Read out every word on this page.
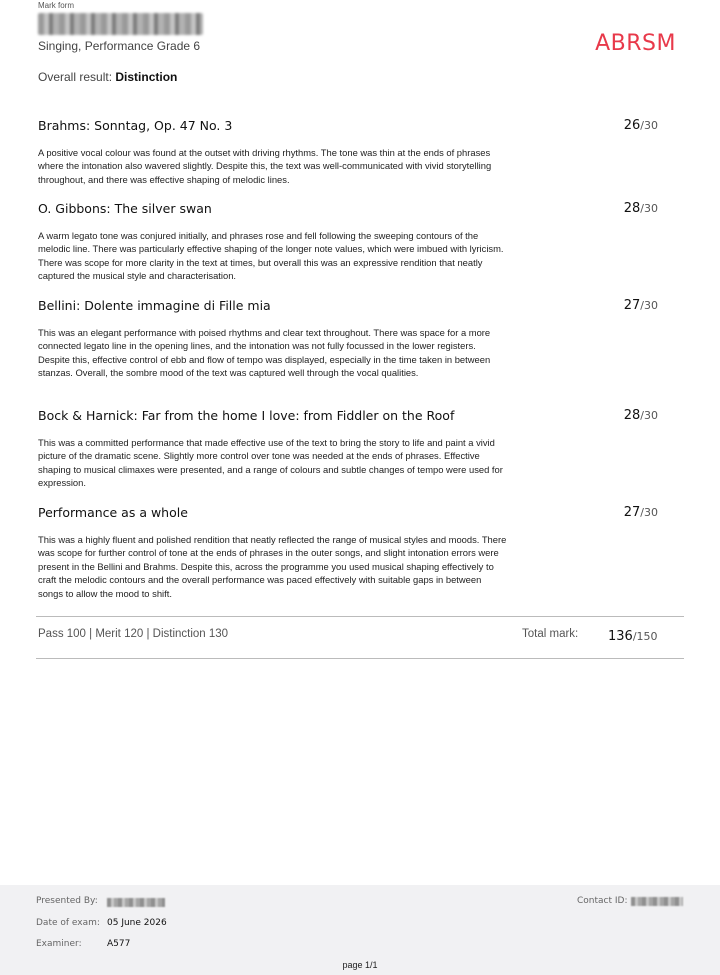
Mark form
Singing, Performance Grade 6	ABRSM
Overall result: Distinction
Brahms: Sonntag, Op. 47 No. 3	26/30
A positive vocal colour was found at the outset with driving rhythms. The tone was thin at the ends of phrases where the intonation also wavered slightly. Despite this, the text was well-communicated with vivid storytelling throughout, and there was effective shaping of melodic lines.
O. Gibbons: The silver swan	28/30
A warm legato tone was conjured initially, and phrases rose and fell following the sweeping contours of the melodic line. There was particularly effective shaping of the longer note values, which were imbued with lyricism. There was scope for more clarity in the text at times, but overall this was an expressive rendition that neatly captured the musical style and characterisation.
Bellini: Dolente immagine di Fille mia	27/30
This was an elegant performance with poised rhythms and clear text throughout. There was space for a more connected legato line in the opening lines, and the intonation was not fully focussed in the lower registers. Despite this, effective control of ebb and flow of tempo was displayed, especially in the time taken in between stanzas. Overall, the sombre mood of the text was captured well through the vocal qualities.
Bock & Harnick: Far from the home I love: from Fiddler on the Roof	28/30
This was a committed performance that made effective use of the text to bring the story to life and paint a vivid picture of the dramatic scene. Slightly more control over tone was needed at the ends of phrases. Effective shaping to musical climaxes were presented, and a range of colours and subtle changes of tempo were used for expression.
Performance as a whole	27/30
This was a highly fluent and polished rendition that neatly reflected the range of musical styles and moods. There was scope for further control of tone at the ends of phrases in the outer songs, and slight intonation errors were present in the Bellini and Brahms. Despite this, across the programme you used musical shaping effectively to craft the melodic contours and the overall performance was paced effectively with suitable gaps in between songs to allow the mood to shift.
Pass 100 | Merit 120 | Distinction 130	Total mark: 136/150
Presented By:
Date of exam: 05 June 2026
Examiner:	A577
Contact ID:
page 1/1
